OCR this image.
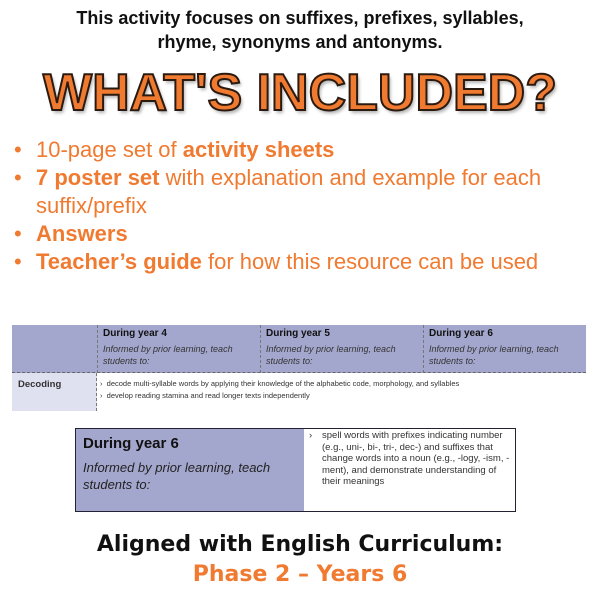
This activity focuses on suffixes, prefixes, syllables,
rhyme, synonyms and antonyms.
WHAT'S INCLUDED?
• 10-page set of activity sheets
• 7 poster set with explanation and example for each suffix/prefix
• Answers
• Teacher’s guide for how this resource can be used
During year 4
Informed by prior learning, teach students to:
During year 5
Informed by prior learning, teach students to:
During year 6
Informed by prior learning, teach students to:
Decoding	›  decode multi-syllable words by applying their knowledge of the alphabetic code, morphology, and syllables
›  develop reading stamina and read longer texts independently
During year 6
Informed by prior learning, teach students to:
› spell words with prefixes indicating number (e.g., uni-, bi-, tri-, dec-) and suffixes that change words into a noun (e.g., -logy, -ism, -ment), and demonstrate understanding of their meanings
Aligned with English Curriculum:
Phase 2 – Years 6
